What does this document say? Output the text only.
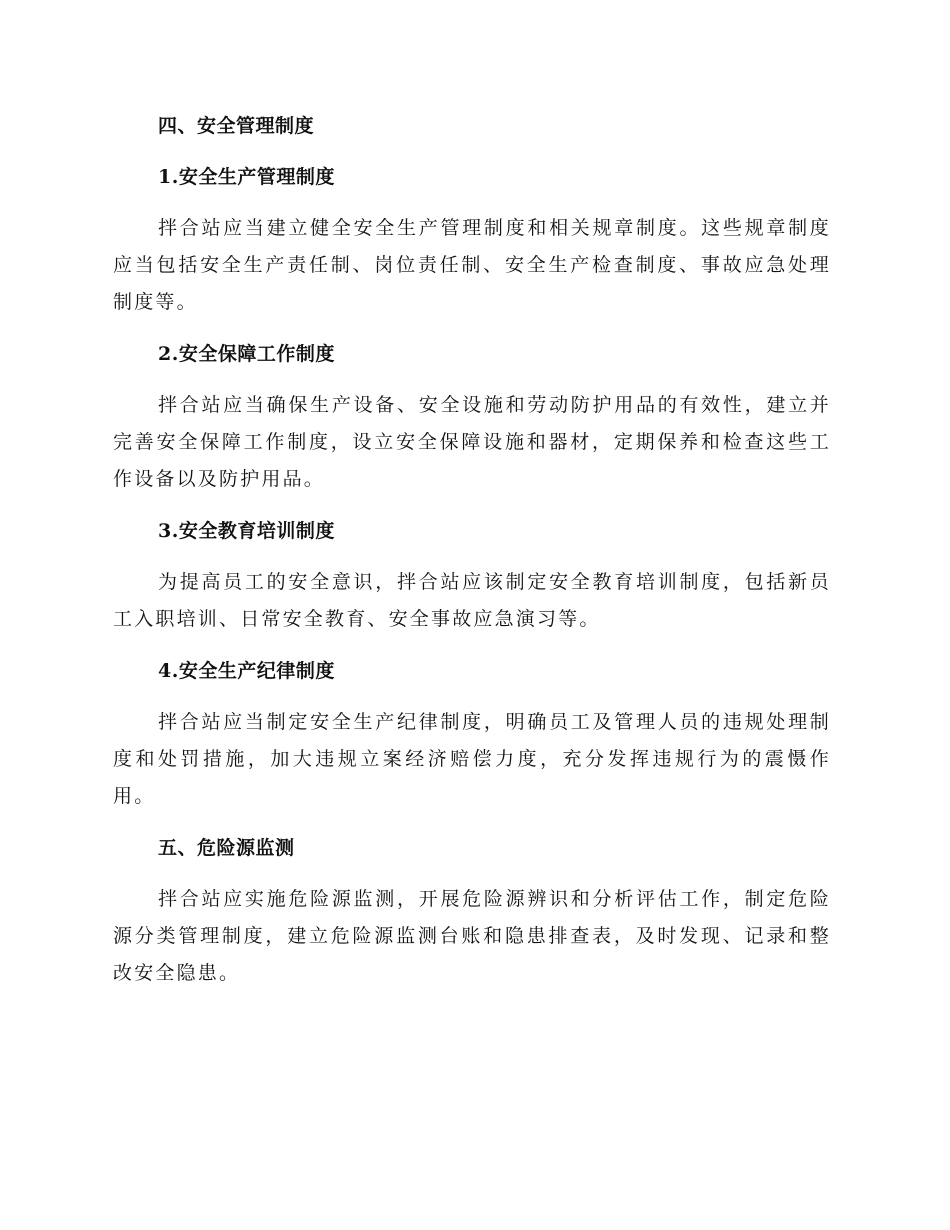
四、安全管理制度
1.安全生产管理制度

拌合站应当建立健全安全生产管理制度和相关规章制度。这些规章制度应当包括安全生产责任制、岗位责任制、安全生产检查制度、事故应急处理制度等。

2.安全保障工作制度

拌合站应当确保生产设备、安全设施和劳动防护用品的有效性，建立并完善安全保障工作制度，设立安全保障设施和器材，定期保养和检查这些工作设备以及防护用品。

3.安全教育培训制度

为提高员工的安全意识，拌合站应该制定安全教育培训制度，包括新员工入职培训、日常安全教育、安全事故应急演习等。

4.安全生产纪律制度

拌合站应当制定安全生产纪律制度，明确员工及管理人员的违规处理制度和处罚措施，加大违规立案经济赔偿力度，充分发挥违规行为的震慑作用。

五、危险源监测

拌合站应实施危险源监测，开展危险源辨识和分析评估工作，制定危险源分类管理制度，建立危险源监测台账和隐患排查表，及时发现、记录和整改安全隐患。
